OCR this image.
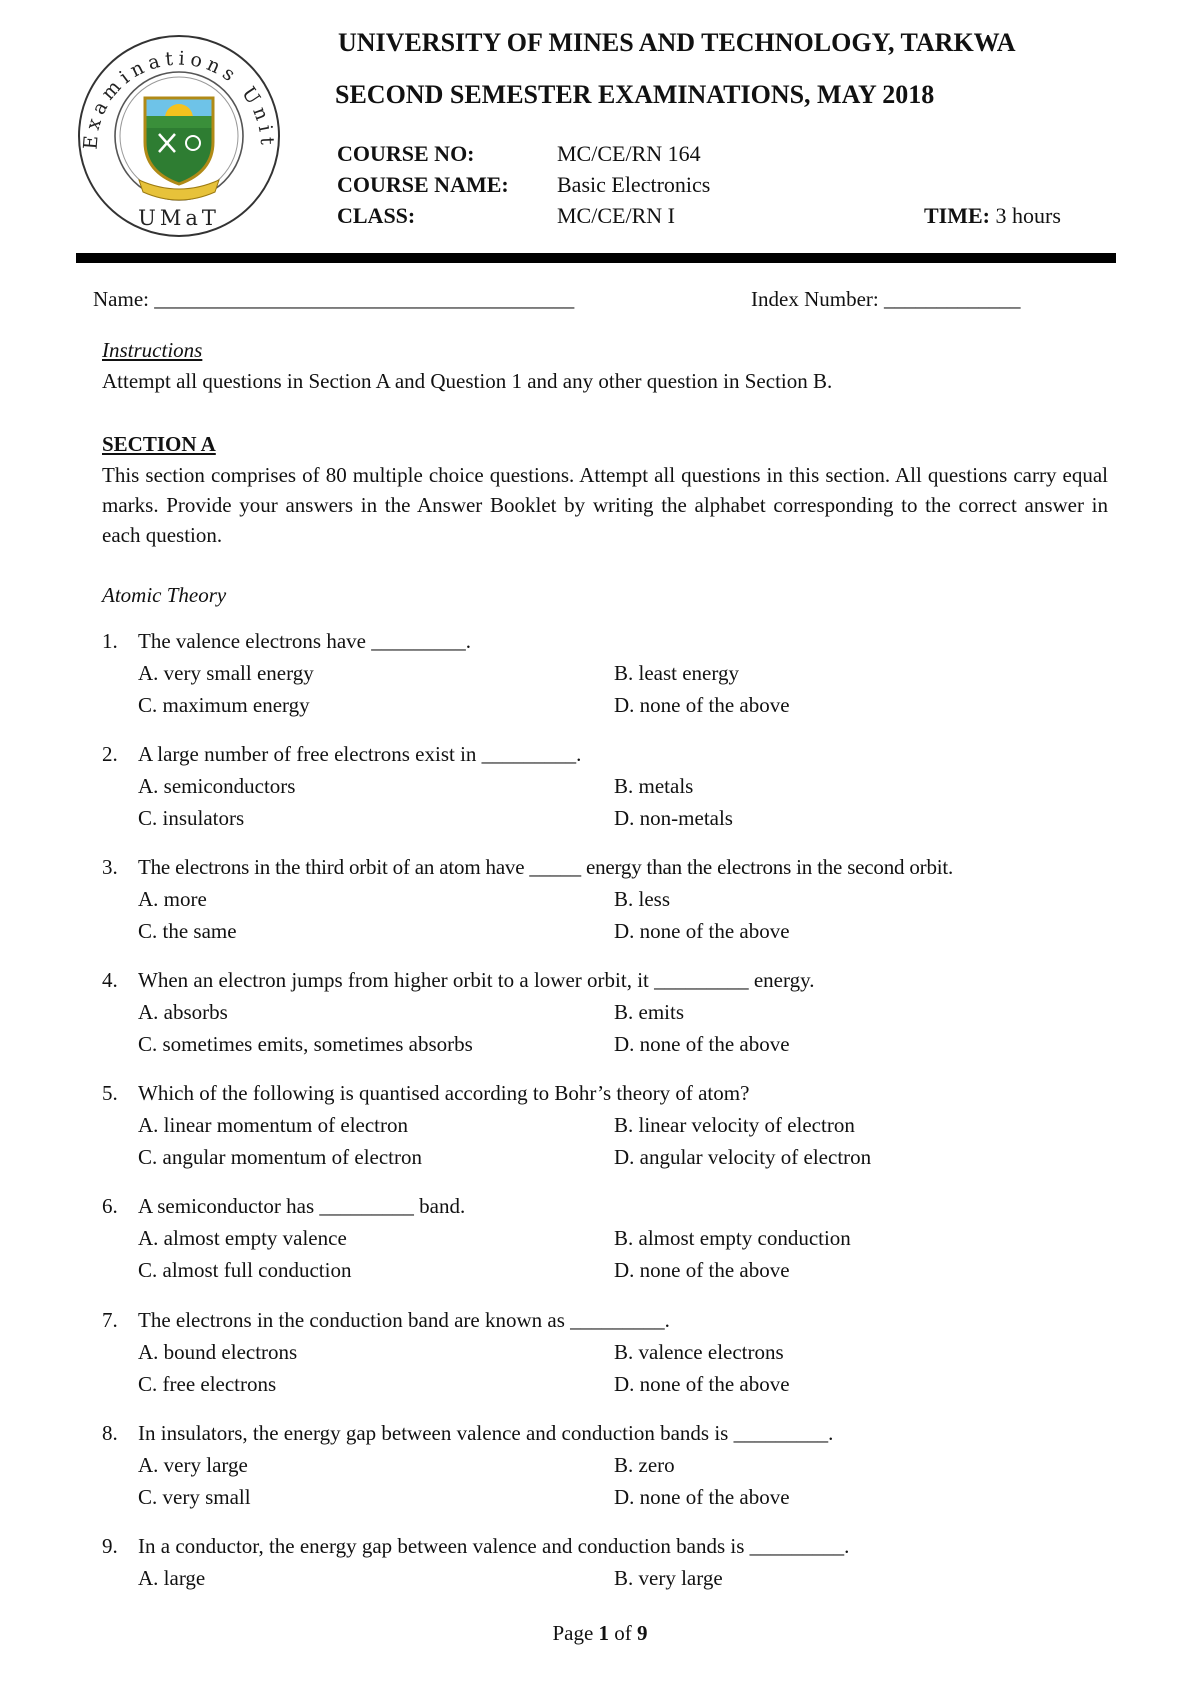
Examinations Unit
UMaT
UNIVERSITY OF MINES AND TECHNOLOGY, TARKWA
SECOND SEMESTER EXAMINATIONS, MAY 2018
COURSE NO:	MC/CE/RN 164
COURSE NAME: Basic Electronics
CLASS:	MC/CE/RN I	TIME: 3 hours
Name: ________________________________________	Index Number: _____________
Instructions
Attempt all questions in Section A and Question 1 and any other question in Section B.
SECTION A
This section comprises of 80 multiple choice questions. Attempt all questions in this section. All questions carry equal marks. Provide your answers in the Answer Booklet by writing the alphabet corresponding to the correct answer in each question.
Atomic Theory
1. The valence electrons have _________.
A. very small energy	B. least energy
C. maximum energy	D. none of the above
2. A large number of free electrons exist in _________.
A. semiconductors	B. metals
C. insulators	D. non-metals
3. The electrons in the third orbit of an atom have _____ energy than the electrons in the second orbit.
A. more	B. less
C. the same	D. none of the above
4. When an electron jumps from higher orbit to a lower orbit, it _________ energy.
A. absorbs	B. emits
C. sometimes emits, sometimes absorbs	D. none of the above
5. Which of the following is quantised according to Bohr’s theory of atom?
A. linear momentum of electron	B. linear velocity of electron
C. angular momentum of electron	D. angular velocity of electron
6. A semiconductor has _________ band.
A. almost empty valence	B. almost empty conduction
C. almost full conduction	D. none of the above
7. The electrons in the conduction band are known as _________.
A. bound electrons	B. valence electrons
C. free electrons	D. none of the above
8. In insulators, the energy gap between valence and conduction bands is _________.
A. very large	B. zero
C. very small	D. none of the above
9. In a conductor, the energy gap between valence and conduction bands is _________.
A. large	B. very large
Page 1 of 9
